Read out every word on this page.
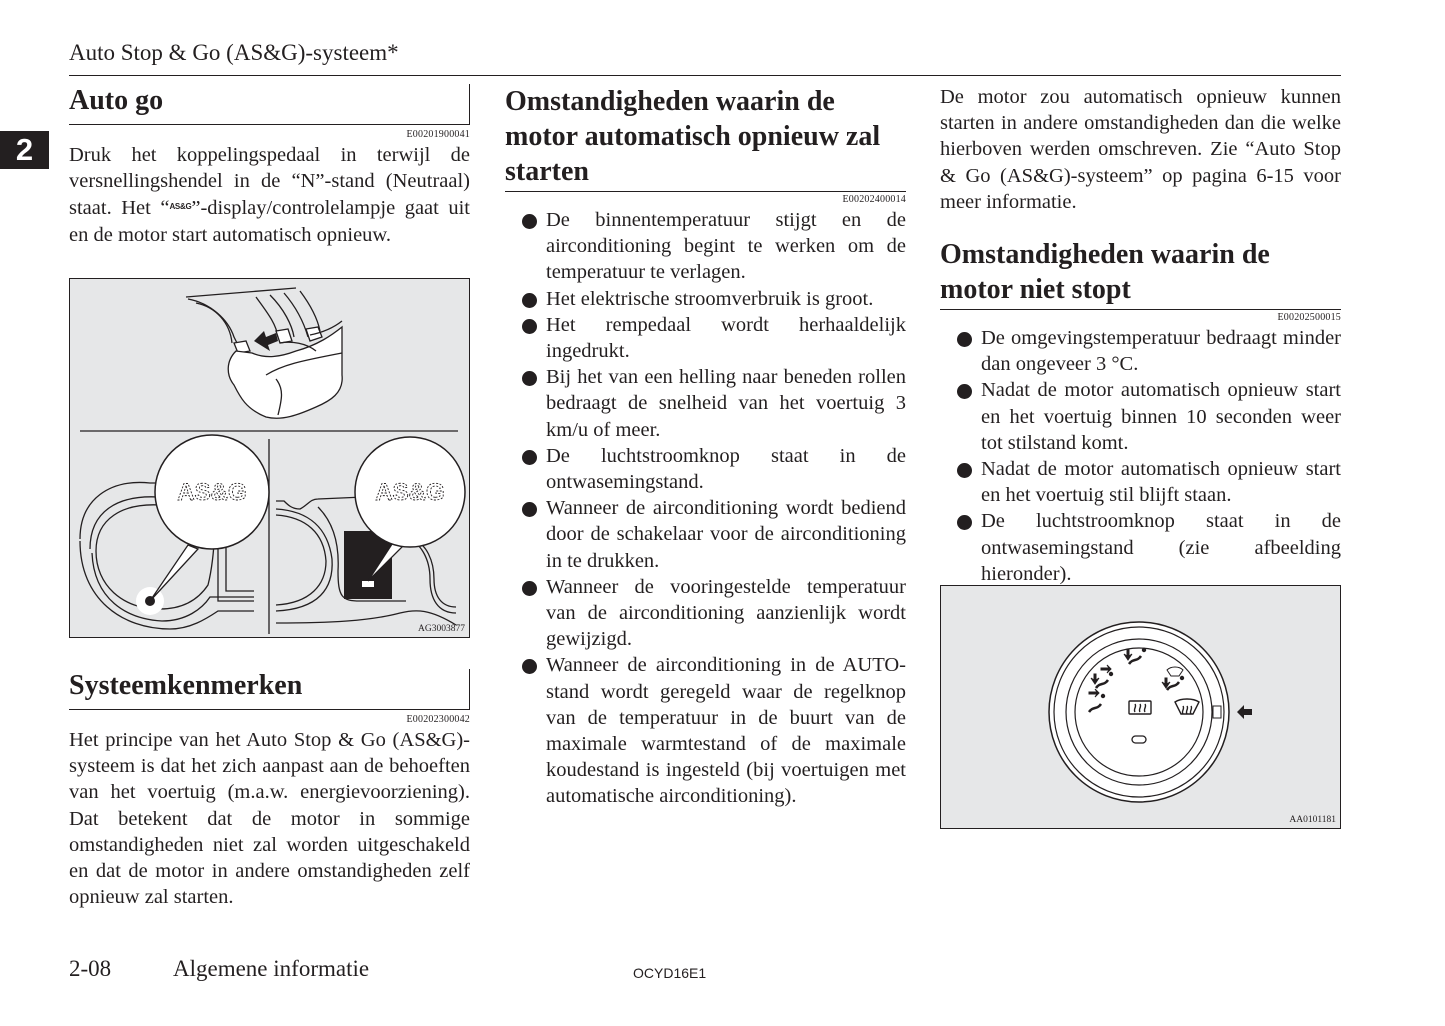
Auto Stop & Go (AS&G)-systeem*
2
Auto go
E00201900041

Druk het koppelingspedaal in terwijl de versnellingshendel in de “N”-stand (Neutraal) staat. Het “AS&G”-display/controlelampje gaat uit en de motor start automatisch opnieuw.

AS&G	AS&G
AG3003877
Systeemkenmerken
E00202300042

Het principe van het Auto Stop & Go (AS&G)-systeem is dat het zich aanpast aan de behoeften van het voertuig (m.a.w. energievoorziening). Dat betekent dat de motor in sommige omstandigheden niet zal worden uitgeschakeld en dat de motor in andere omstandigheden zelf opnieuw zal starten.

Omstandigheden waarin de motor automatisch opnieuw zal starten
E00202400014
De binnentemperatuur stijgt en de airconditioning begint te werken om de temperatuur te verlagen.
Het elektrische stroomverbruik is groot.
Het rempedaal wordt herhaaldelijk ingedrukt.
Bij het van een helling naar beneden rollen bedraagt de snelheid van het voertuig 3 km/u of meer.
De luchtstroomknop staat in de ontwasemingstand.
Wanneer de airconditioning wordt bediend door de schakelaar voor de airconditioning in te drukken.
Wanneer de vooringestelde temperatuur van de airconditioning aanzienlijk wordt gewijzigd.
Wanneer de airconditioning in de AUTO-stand wordt geregeld waar de regelknop van de temperatuur in de buurt van de maximale warmtestand of de maximale koudestand is ingesteld (bij voertuigen met automatische airconditioning).

De motor zou automatisch opnieuw kunnen starten in andere omstandigheden dan die welke hierboven werden omschreven. Zie “Auto Stop & Go (AS&G)-systeem” op pagina 6-15 voor meer informatie.

Omstandigheden waarin de motor niet stopt
E00202500015
De omgevingstemperatuur bedraagt minder dan ongeveer 3 °C.
Nadat de motor automatisch opnieuw start en het voertuig binnen 10 seconden weer tot stilstand komt.
Nadat de motor automatisch opnieuw start en het voertuig stil blijft staan.
De luchtstroomknop staat in de ontwasemingstand (zie afbeelding hieronder).
AA0101181
2-08	Algemene informatie	OCYD16E1
